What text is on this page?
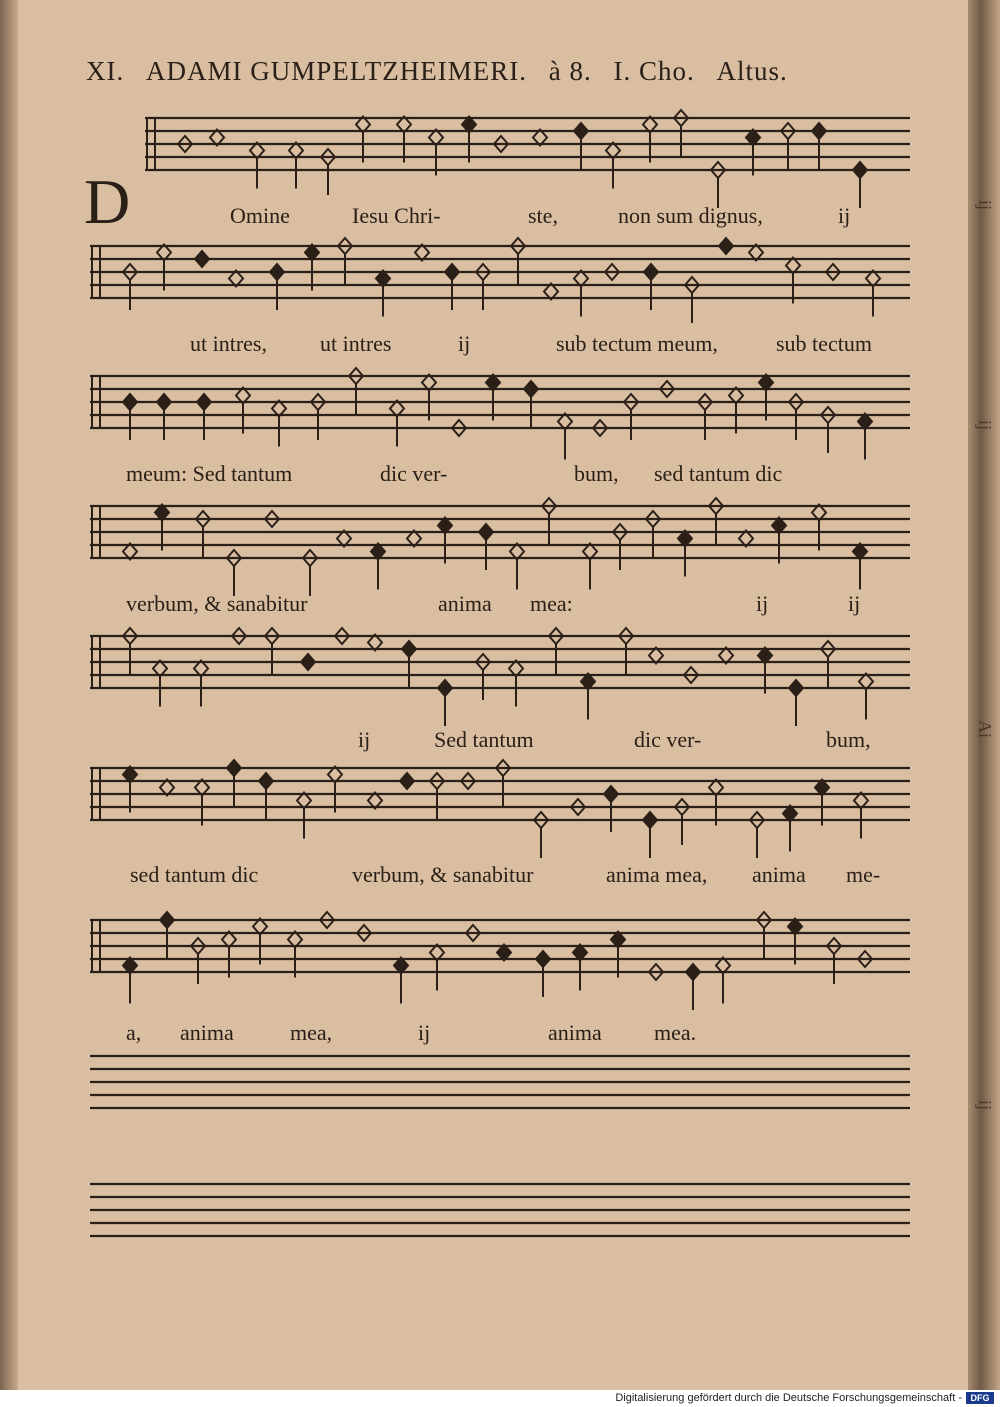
ij
ij
Ai
ij
XI. ADAMI GUMPELTZHEIMERI. à 8. I. Cho. Altus.
D	Omine	Iesu Chri-	ste,	non sum dignus,	ij
ut intres, ut intres	ij	sub tectum meum,	sub tectum
meum: Sed tantum	dic ver-	bum, sed tantum dic
verbum, & sanabitur	anima mea:	ij	ij
ij	Sed tantum	dic ver-	bum,
sed tantum dic	verbum, & sanabitur	anima mea, anima me-
a, anima	mea,	ij	anima mea.
Digitalisierung gefördert durch die Deutsche Forschungsgemeinschaft - DFG
